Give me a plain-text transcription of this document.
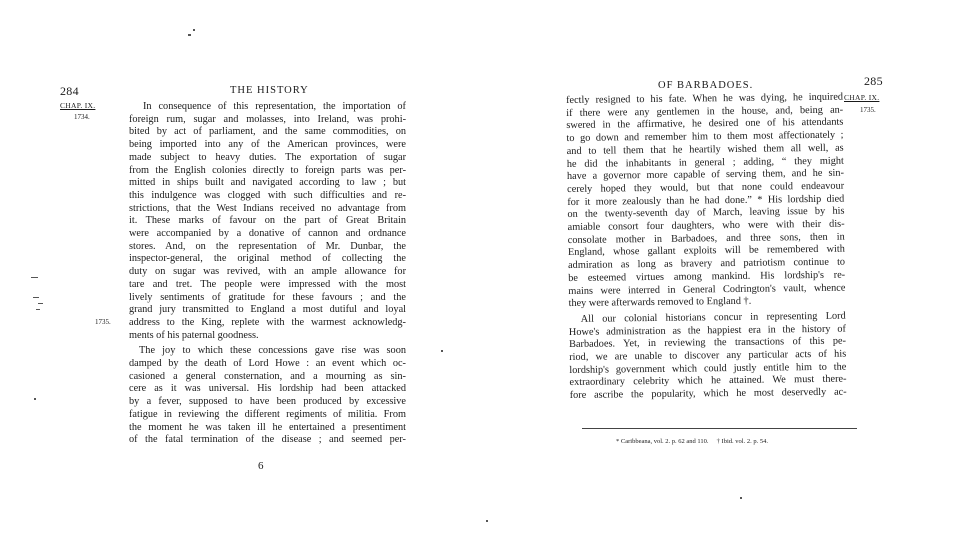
284	THE HISTORY
CHAP. IX.
1734.
1735.
In consequence of this representation, the importation of
foreign rum, sugar and molasses, into Ireland, was prohi-
bited by act of parliament, and the same commodities, on
being imported into any of the American provinces, were
made subject to heavy duties. The exportation of sugar
from the English colonies directly to foreign parts was per-
mitted in ships built and navigated according to law ; but
this indulgence was clogged with such difficulties and re-
strictions, that the West Indians received no advantage from
it. These marks of favour on the part of Great Britain
were accompanied by a donative of cannon and ordnance
stores. And, on the representation of Mr. Dunbar, the
inspector-general, the original method of collecting the
duty on sugar was revived, with an ample allowance for
tare and tret. The people were impressed with the most
lively sentiments of gratitude for these favours ; and the
grand jury transmitted to England a most dutiful and loyal
address to the King, replete with the warmest acknowledg-
ments of his paternal goodness.
The joy to which these concessions gave rise was soon
damped by the death of Lord Howe : an event which oc-
casioned a general consternation, and a mourning as sin-
cere as it was universal. His lordship had been attacked
by a fever, supposed to have been produced by excessive
fatigue in reviewing the different regiments of militia. From
the moment he was taken ill he entertained a presentiment
of the fatal termination of the disease ; and seemed per-
6
OF BARBADOES.	285
CHAP. IX.
1735.
fectly resigned to his fate. When he was dying, he inquired
if there were any gentlemen in the house, and, being an-
swered in the affirmative, he desired one of his attendants
to go down and remember him to them most affectionately ;
and to tell them that he heartily wished them all well, as
he did the inhabitants in general ; adding, “ they might
have a governor more capable of serving them, and he sin-
cerely hoped they would, but that none could endeavour
for it more zealously than he had done.” * His lordship died
on the twenty-seventh day of March, leaving issue by his
amiable consort four daughters, who were with their dis-
consolate mother in Barbadoes, and three sons, then in
England, whose gallant exploits will be remembered with
admiration as long as bravery and patriotism continue to
be esteemed virtues among mankind. His lordship's re-
mains were interred in General Codrington's vault, whence
they were afterwards removed to England †.
All our colonial historians concur in representing Lord
Howe's administration as the happiest era in the history of
Barbadoes. Yet, in reviewing the transactions of this pe-
riod, we are unable to discover any particular acts of his
lordship's government which could justly entitle him to the
extraordinary celebrity which he attained. We must there-
fore ascribe the popularity, which he most deservedly ac-
* Caribbeana, vol. 2. p. 62 and 110.     † Ibid. vol. 2. p. 54.
